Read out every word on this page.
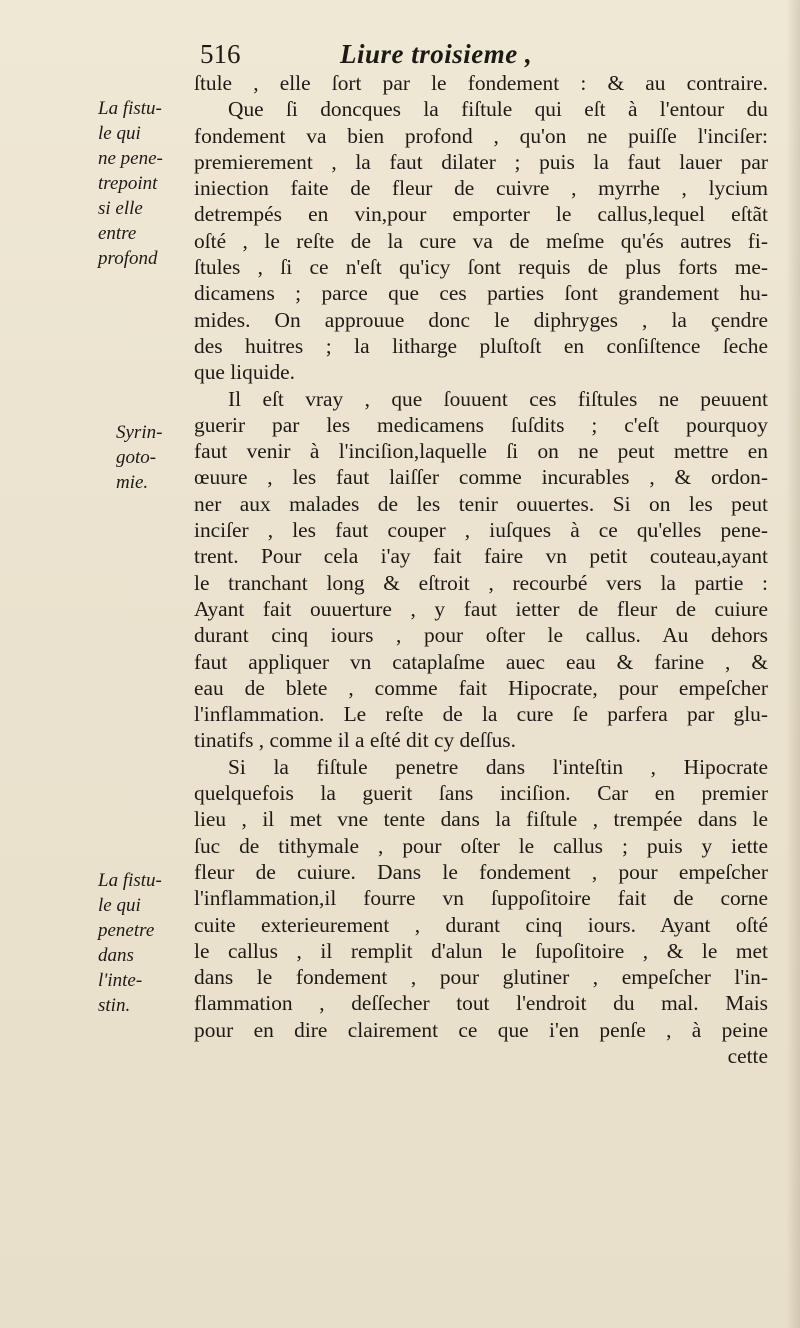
516	Liure troisieme ,
La fistu-
le qui
ne pene-
trepoint
si elle
entre
profond
Syrin-
goto-
mie.
La fistu-
le qui
penetre
dans
l'inte-
stin.
ſtule , elle ſort par le fondement : & au contraire.
Que ſi doncques la fiſtule qui eſt à l'entour du
fondement va bien profond , qu'on ne puiſſe l'inciſer:
premierement , la faut dilater ; puis la faut lauer par
iniection faite de fleur de cuivre , myrrhe , lycium
detrempés en vin,pour emporter le callus,lequel eſtãt
oſté , le reſte de la cure va de meſme qu'és autres fi-
ſtules , ſi ce n'eſt qu'icy ſont requis de plus forts me-
dicamens ; parce que ces parties ſont grandement hu-
mides. On approuue donc le diphryges , la çendre
des huitres ; la litharge pluſtoſt en conſiſtence ſeche
que liquide.
Il eſt vray , que ſouuent ces fiſtules ne peuuent
guerir par les medicamens ſuſdits ; c'eſt pourquoy
faut venir à l'inciſion,laquelle ſi on ne peut mettre en
œuure , les faut laiſſer comme incurables , & ordon-
ner aux malades de les tenir ouuertes. Si on les peut
inciſer , les faut couper , iuſques à ce qu'elles pene-
trent. Pour cela i'ay fait faire vn petit couteau,ayant
le tranchant long & eſtroit , recourbé vers la partie :
Ayant fait ouuerture , y faut ietter de fleur de cuiure
durant cinq iours , pour oſter le callus. Au dehors
faut appliquer vn cataplaſme auec eau & farine , &
eau de blete , comme fait Hipocrate, pour empeſcher
l'inflammation. Le reſte de la cure ſe parfera par glu-
tinatifs , comme il a eſté dit cy deſſus.
Si la fiſtule penetre dans l'inteſtin , Hipocrate
quelquefois la guerit ſans inciſion. Car en premier
lieu , il met vne tente dans la fiſtule , trempée dans le
ſuc de tithymale , pour oſter le callus ; puis y iette
fleur de cuiure. Dans le fondement , pour empeſcher
l'inflammation,il fourre vn ſuppoſitoire fait de corne
cuite exterieurement , durant cinq iours. Ayant oſté
le callus , il remplit d'alun le ſupoſitoire , & le met
dans le fondement , pour glutiner , empeſcher l'in-
flammation , deſſecher tout l'endroit du mal. Mais
pour en dire clairement ce que i'en penſe , à peine
cette
